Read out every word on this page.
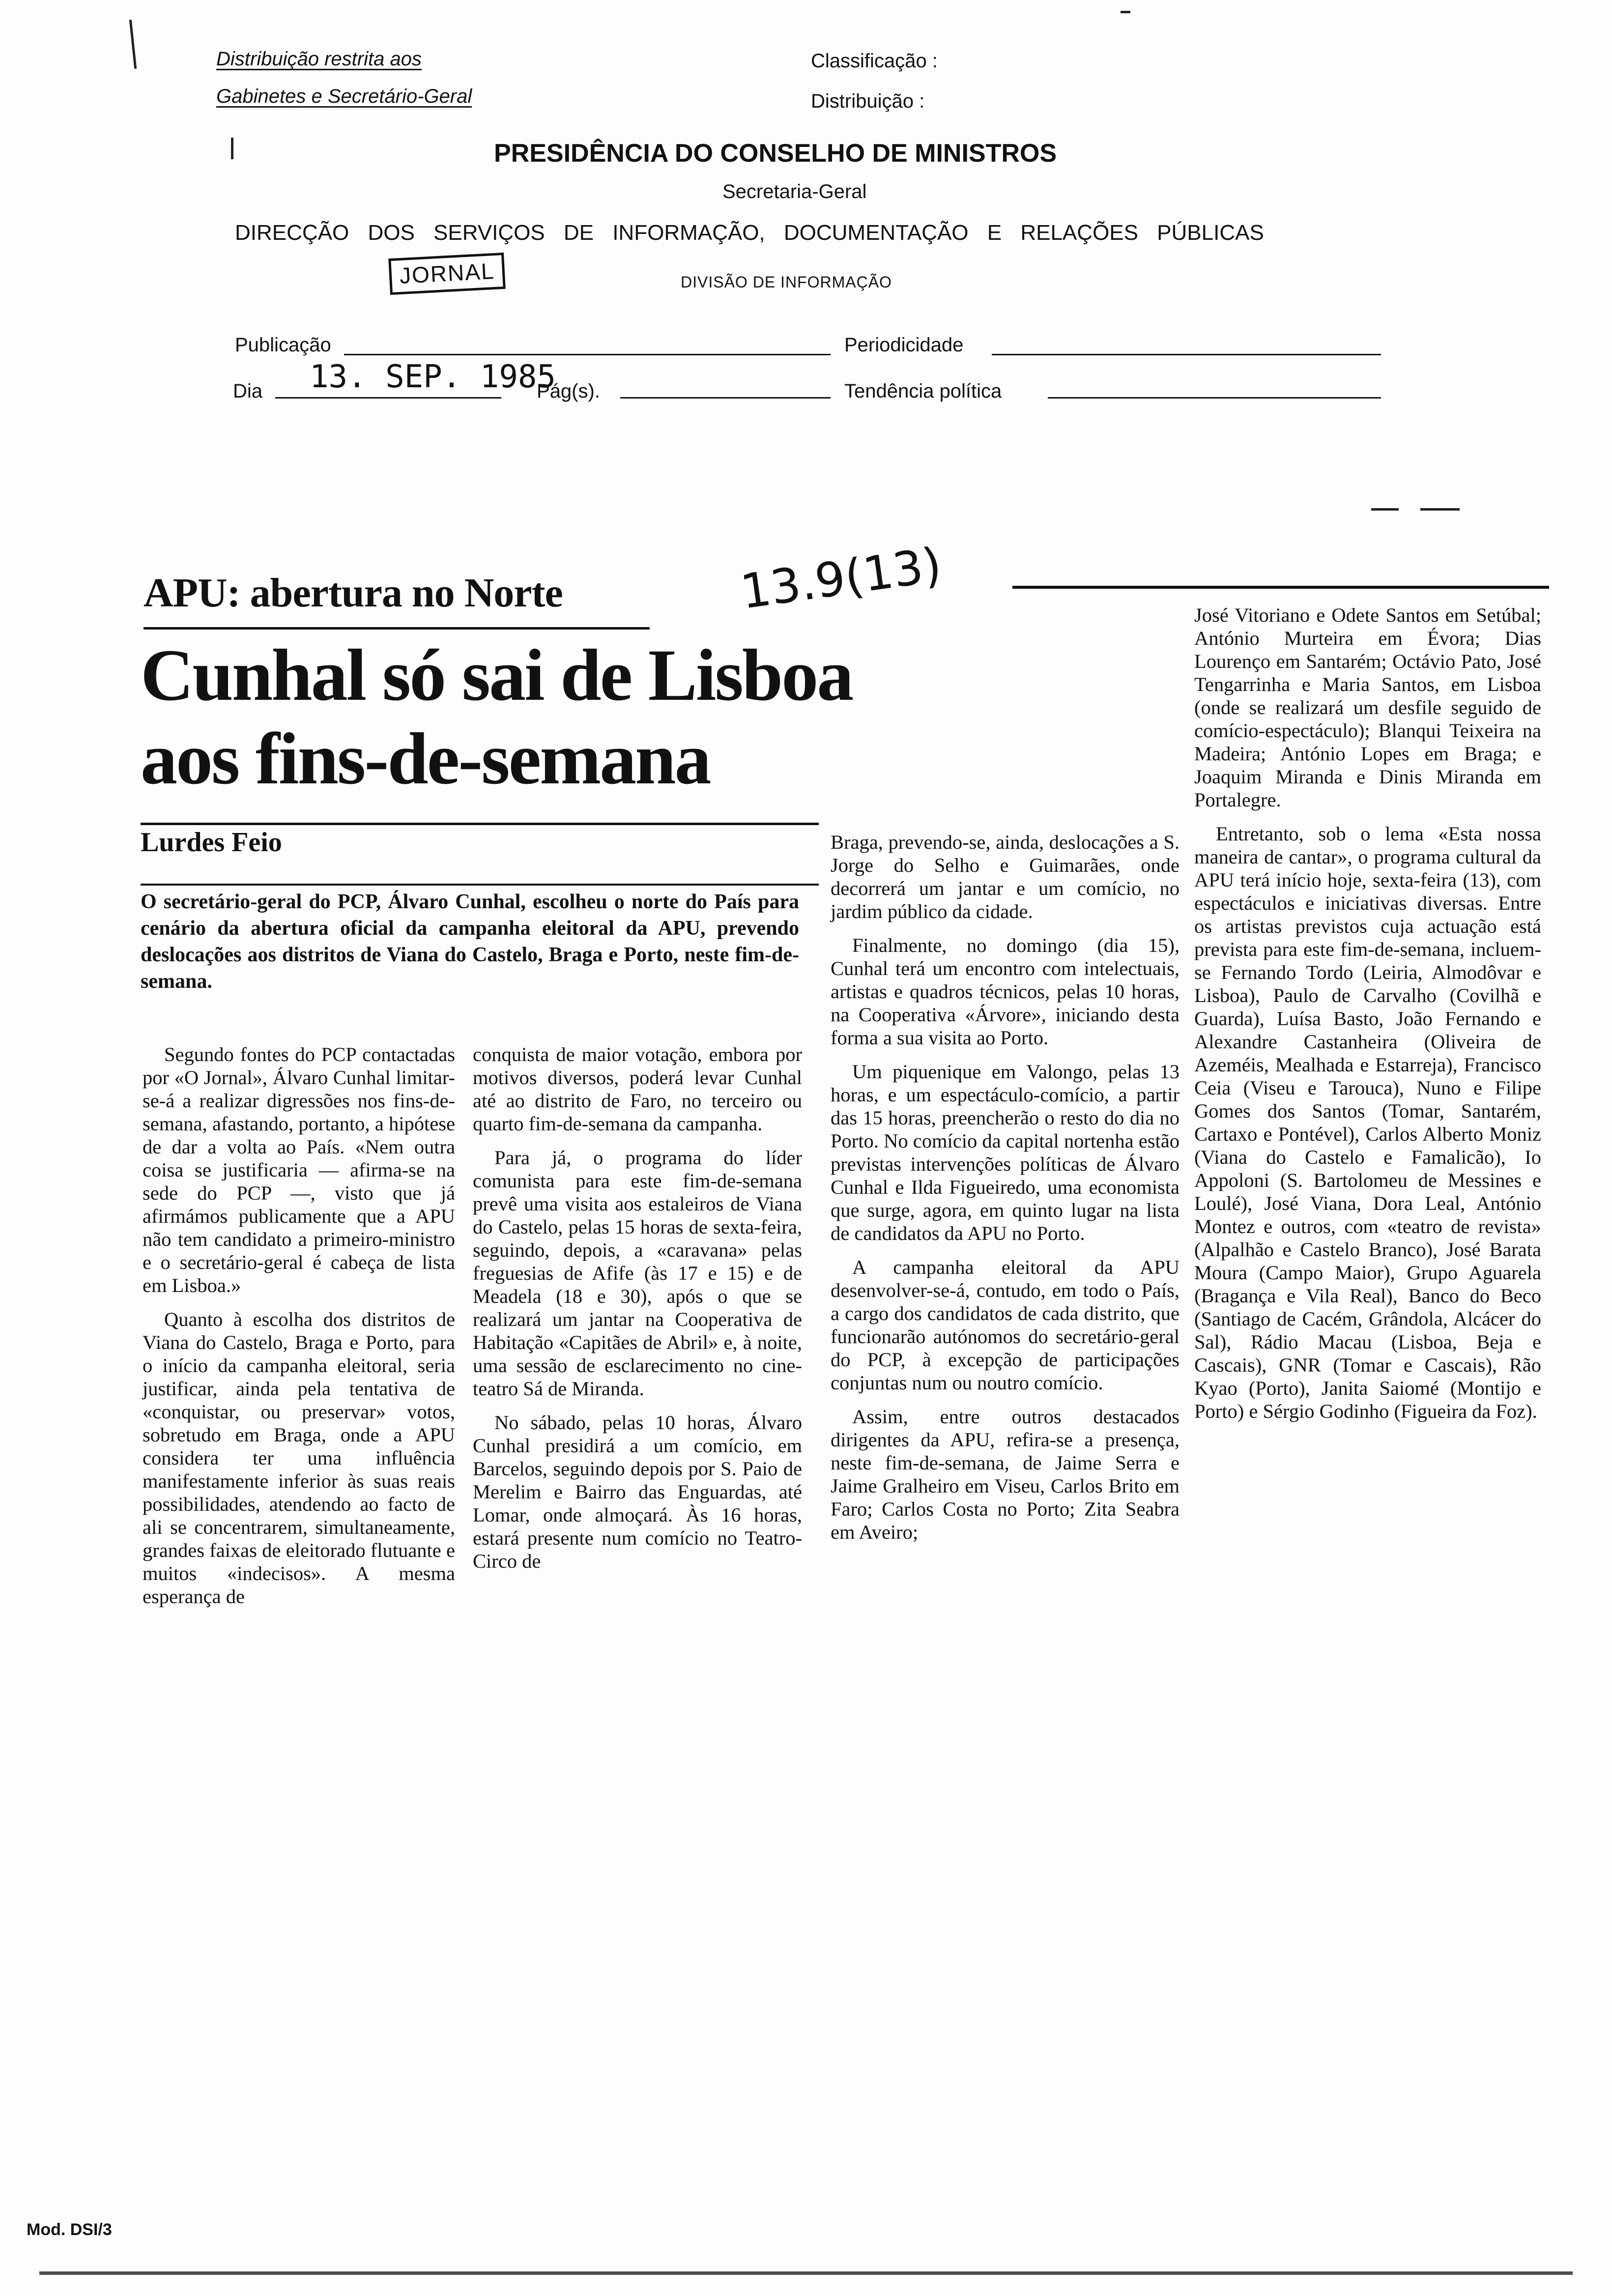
Distribuição restrita aos
Gabinetes e Secretário-Geral
Classificação :
Distribuição :
PRESIDÊNCIA DO CONSELHO DE MINISTROS
Secretaria-Geral
DIRECÇÃO DOS SERVIÇOS DE INFORMAÇÃO, DOCUMENTAÇÃO E RELAÇÕES PÚBLICAS
JORNAL	DIVISÃO DE INFORMAÇÃO
Publicação	Periodicidade
Dia 13. SEP. 1985
Pág(s).	Tendência política
APU: abertura no Norte	13.9(13)
Cunhal só sai de Lisboa
aos fins-de-semana
Lurdes Feio
O secretário-geral do PCP, Álvaro Cunhal, escolheu o norte do País para cenário da abertura oficial da campanha eleitoral da APU, prevendo deslocações aos distritos de Viana do Castelo, Braga e Porto, neste fim-de-semana.

Segundo fontes do PCP contactadas por «O Jornal», Álvaro Cunhal limitar-se-á a realizar digressões nos fins-de-semana, afastando, portanto, a hipótese de dar a volta ao País. «Nem outra coisa se justificaria — afirma-se na sede do PCP —, visto que já afirmámos publicamente que a APU não tem candidato a primeiro-ministro e o secretário-geral é cabeça de lista em Lisboa.»

Quanto à escolha dos distritos de Viana do Castelo, Braga e Porto, para o início da campanha eleitoral, seria justificar, ainda pela tentativa de «conquistar, ou preservar» votos, sobretudo em Braga, onde a APU considera ter uma influência manifestamente inferior às suas reais possibilidades, atendendo ao facto de ali se concentrarem, simultaneamente, grandes faixas de eleitorado flutuante e muitos «indecisos». A mesma esperança de

conquista de maior votação, embora por motivos diversos, poderá levar Cunhal até ao distrito de Faro, no terceiro ou quarto fim-de-semana da campanha.

Para já, o programa do líder comunista para este fim-de-semana prevê uma visita aos estaleiros de Viana do Castelo, pelas 15 horas de sexta-feira, seguindo, depois, a «caravana» pelas freguesias de Afife (às 17 e 15) e de Meadela (18 e 30), após o que se realizará um jantar na Cooperativa de Habitação «Capitães de Abril» e, à noite, uma sessão de esclarecimento no cine-teatro Sá de Miranda.

No sábado, pelas 10 horas, Álvaro Cunhal presidirá a um comício, em Barcelos, seguindo depois por S. Paio de Merelim e Bairro das Enguardas, até Lomar, onde almoçará. Às 16 horas, estará presente num comício no Teatro-Circo de

Braga, prevendo-se, ainda, deslocações a S. Jorge do Selho e Guimarães, onde decorrerá um jantar e um comício, no jardim público da cidade.

Finalmente, no domingo (dia 15), Cunhal terá um encontro com intelectuais, artistas e quadros técnicos, pelas 10 horas, na Cooperativa «Árvore», iniciando desta forma a sua visita ao Porto.

Um piquenique em Valongo, pelas 13 horas, e um espectáculo-comício, a partir das 15 horas, preencherão o resto do dia no Porto. No comício da capital nortenha estão previstas intervenções políticas de Álvaro Cunhal e Ilda Figueiredo, uma economista que surge, agora, em quinto lugar na lista de candidatos da APU no Porto.

A campanha eleitoral da APU desenvolver-se-á, contudo, em todo o País, a cargo dos candidatos de cada distrito, que funcionarão autónomos do secretário-geral do PCP, à excepção de participações conjuntas num ou noutro comício.

Assim, entre outros destacados dirigentes da APU, refira-se a presença, neste fim-de-semana, de Jaime Serra e Jaime Gralheiro em Viseu, Carlos Brito em Faro; Carlos Costa no Porto; Zita Seabra em Aveiro;

José Vitoriano e Odete Santos em Setúbal; António Murteira em Évora; Dias Lourenço em Santarém; Octávio Pato, José Tengarrinha e Maria Santos, em Lisboa (onde se realizará um desfile seguido de comício-espectáculo); Blanqui Teixeira na Madeira; António Lopes em Braga; e Joaquim Miranda e Dinis Miranda em Portalegre.

Entretanto, sob o lema «Esta nossa maneira de cantar», o programa cultural da APU terá início hoje, sexta-feira (13), com espectáculos e iniciativas diversas. Entre os artistas previstos cuja actuação está prevista para este fim-de-semana, incluem-se Fernando Tordo (Leiria, Almodôvar e Lisboa), Paulo de Carvalho (Covilhã e Guarda), Luísa Basto, João Fernando e Alexandre Castanheira (Oliveira de Azeméis, Mealhada e Estarreja), Francisco Ceia (Viseu e Tarouca), Nuno e Filipe Gomes dos Santos (Tomar, Santarém, Cartaxo e Pontével), Carlos Alberto Moniz (Viana do Castelo e Famalicão), Io Appoloni (S. Bartolomeu de Messines e Loulé), José Viana, Dora Leal, António Montez e outros, com «teatro de revista» (Alpalhão e Castelo Branco), José Barata Moura (Campo Maior), Grupo Aguarela (Bragança e Vila Real), Banco do Beco (Santiago de Cacém, Grândola, Alcácer do Sal), Rádio Macau (Lisboa, Beja e Cascais), GNR (Tomar e Cascais), Rão Kyao (Porto), Janita Saiomé (Montijo e Porto) e Sérgio Godinho (Figueira da Foz).

Mod. DSI/3
